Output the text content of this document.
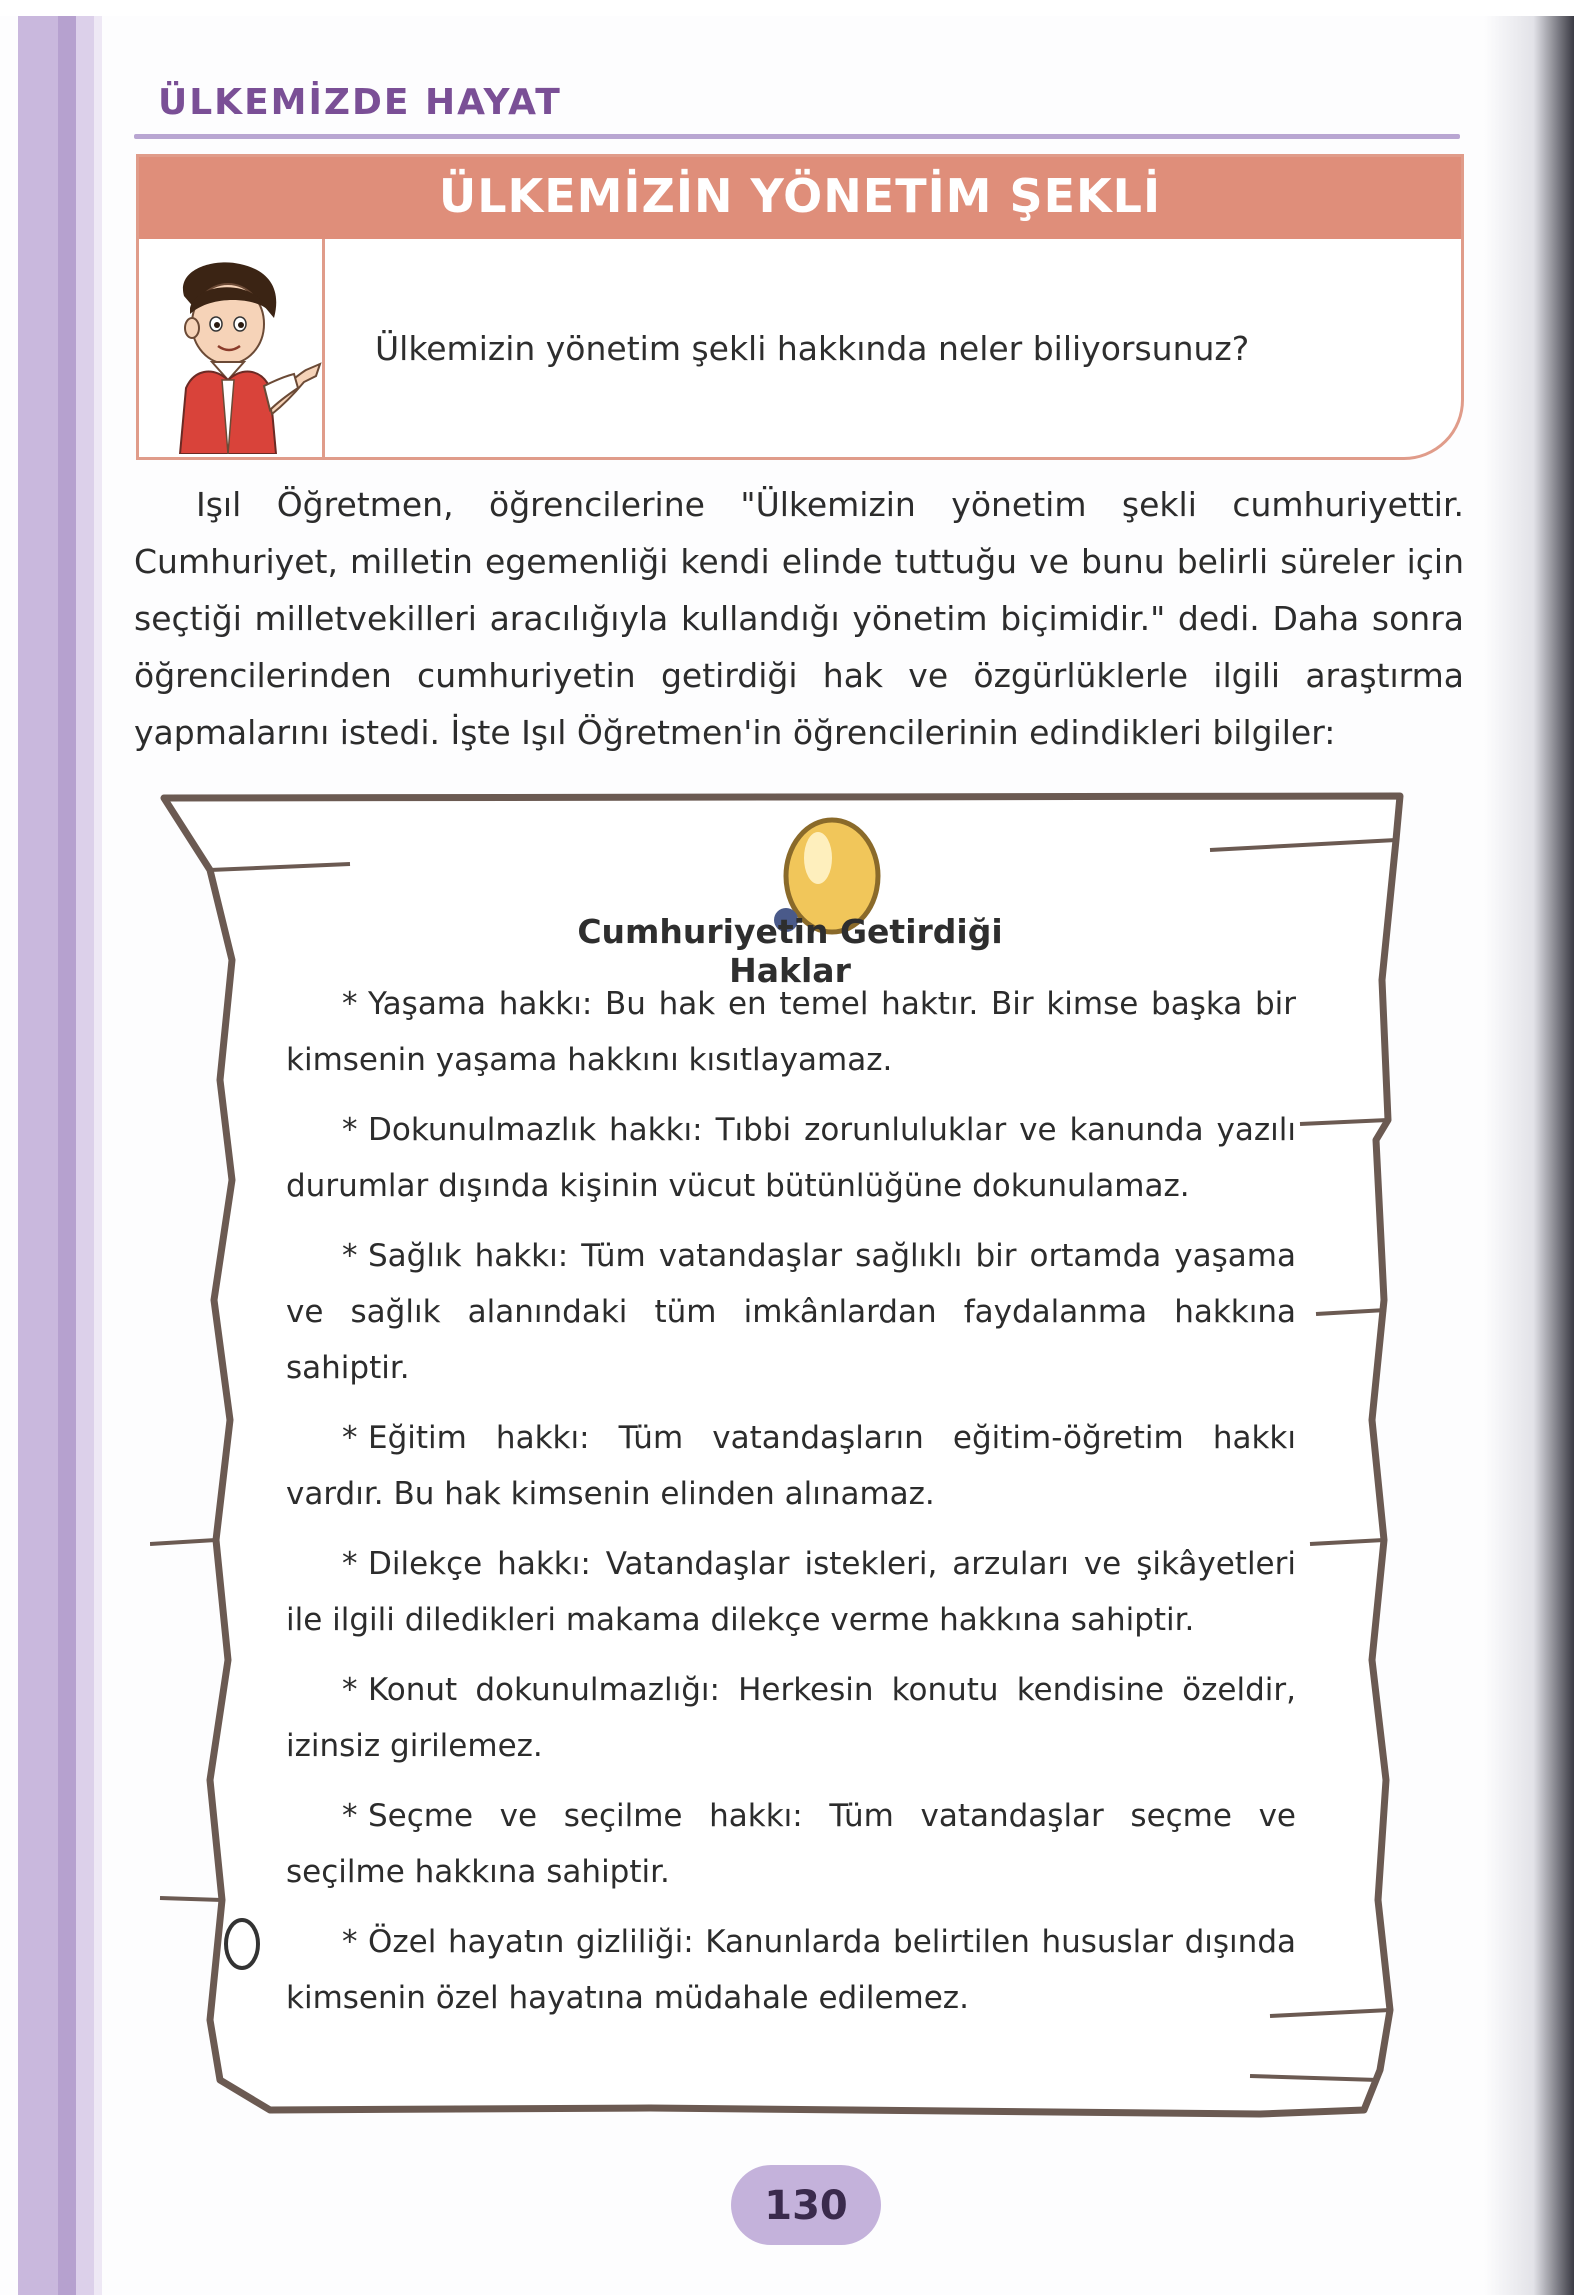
ÜLKEMİZDE HAYAT
ÜLKEMİZİN YÖNETİM ŞEKLİ
Ülkemizin yönetim şekli hakkında neler biliyorsunuz?

Işıl Öğretmen, öğrencilerine "Ülkemizin yönetim şekli cumhuriyettir. Cumhuriyet, milletin egemenliği kendi elinde tuttuğu ve bunu belirli süreler için seçtiği milletvekilleri aracılığıyla kullandığı yönetim biçimidir." dedi. Daha sonra öğrencilerinden cumhuriyetin getirdiği hak ve özgürlüklerle ilgili araştırma yapmalarını istedi. İşte Işıl Öğretmen'in öğrencilerinin edindikleri bilgiler:

Cumhuriyetin Getirdiği Haklar

* Yaşama hakkı: Bu hak en temel haktır. Bir kimse başka bir kimsenin yaşama hakkını kısıtlayamaz.

* Dokunulmazlık hakkı: Tıbbi zorunluluklar ve kanunda yazılı durumlar dışında kişinin vücut bütünlüğüne dokunulamaz.

* Sağlık hakkı: Tüm vatandaşlar sağlıklı bir ortamda yaşama ve sağlık alanındaki tüm imkânlardan faydalanma hakkına sahiptir.

* Eğitim hakkı: Tüm vatandaşların eğitim-öğretim hakkı vardır. Bu hak kimsenin elinden alınamaz.

* Dilekçe hakkı: Vatandaşlar istekleri, arzuları ve şikâyetleri ile ilgili diledikleri makama dilekçe verme hakkına sahiptir.

* Konut dokunulmazlığı: Herkesin konutu kendisine özeldir, izinsiz girilemez.

* Seçme ve seçilme hakkı: Tüm vatandaşlar seçme ve seçilme hakkına sahiptir.

* Özel hayatın gizliliği: Kanunlarda belirtilen hususlar dışında kimsenin özel hayatına müdahale edilemez.

130
